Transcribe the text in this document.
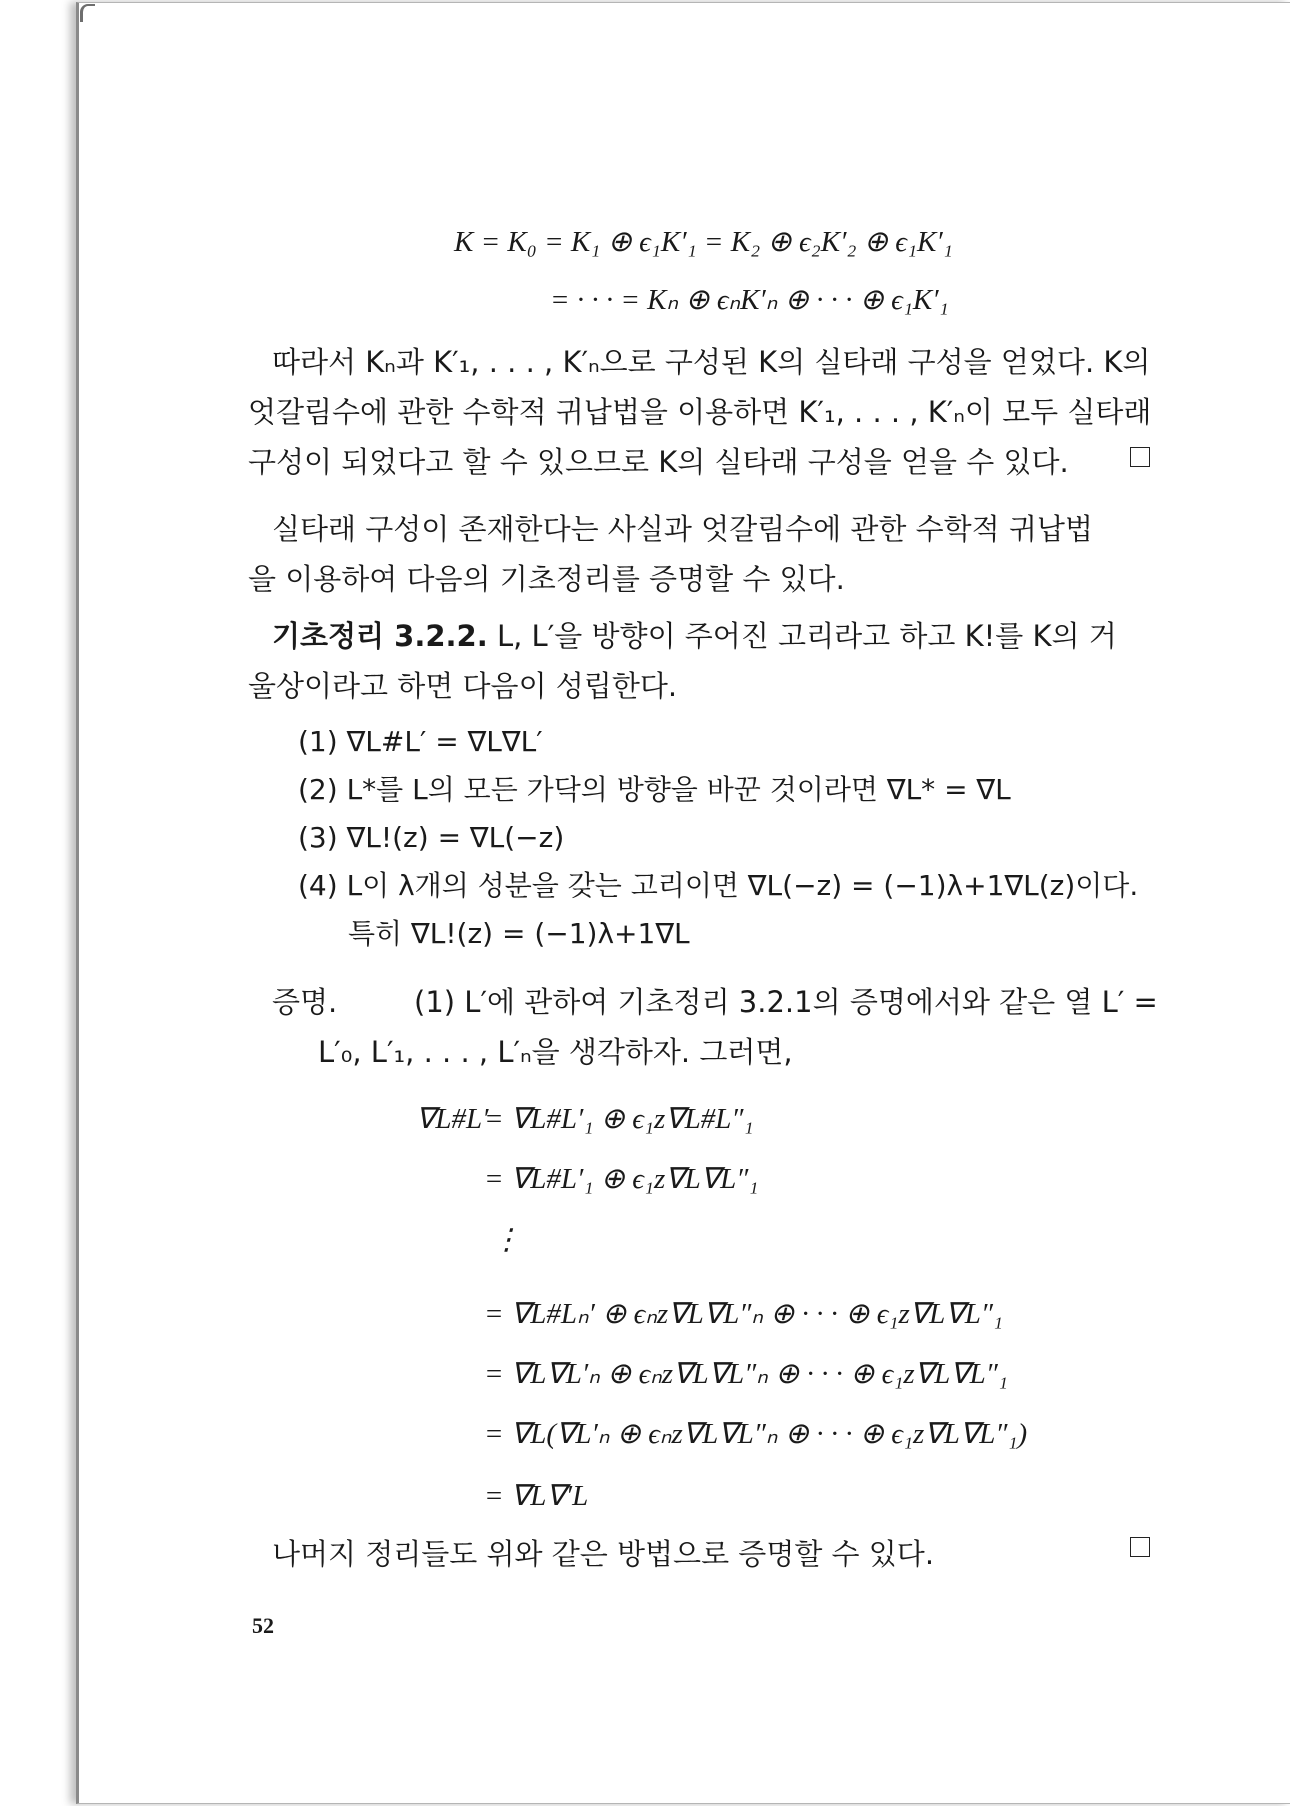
K = K₀ = K₁ ⊕ ϵ₁K′₁ = K₂ ⊕ ϵ₂K′₂ ⊕ ϵ₁K′₁
= · · · = Kₙ ⊕ ϵₙK′ₙ ⊕ · · · ⊕ ϵ₁K′₁
따라서 Kₙ과 K′₁, . . . , K′ₙ으로 구성된 K의 실타래 구성을 얻었다. K의
엇갈림수에 관한 수학적 귀납법을 이용하면 K′₁, . . . , K′ₙ이 모두 실타래
구성이 되었다고 할 수 있으므로 K의 실타래 구성을 얻을 수 있다.
실타래 구성이 존재한다는 사실과 엇갈림수에 관한 수학적 귀납법
을 이용하여 다음의 기초정리를 증명할 수 있다.
기초정리 3.2.2. L, L′을 방향이 주어진 고리라고 하고 K!를 K의 거
울상이라고 하면 다음이 성립한다.
(1) ∇L#L′ = ∇L∇L′
(2) L*를 L의 모든 가닥의 방향을 바꾼 것이라면 ∇L* = ∇L
(3) ∇L!(z) = ∇L(−z)
(4) L이 λ개의 성분을 갖는 고리이면 ∇L(−z) = (−1)λ+1∇L(z)이다.
특히 ∇L!(z) = (−1)λ+1∇L
증명.	(1) L′에 관하여 기초정리 3.2.1의 증명에서와 같은 열 L′ =
L′₀, L′₁, . . . , L′ₙ을 생각하자. 그러면,
∇L#L′
= ∇L#L′₁ ⊕ ϵ₁z∇L#L″₁
= ∇L#L′₁ ⊕ ϵ₁z∇L∇L″₁
⋮
= ∇L#Lₙ′ ⊕ ϵₙz∇L∇L″ₙ ⊕ · · · ⊕ ϵ₁z∇L∇L″₁
= ∇L∇L′ₙ ⊕ ϵₙz∇L∇L″ₙ ⊕ · · · ⊕ ϵ₁z∇L∇L″₁
= ∇L(∇L′ₙ ⊕ ϵₙz∇L∇L″ₙ ⊕ · · · ⊕ ϵ₁z∇L∇L″₁)
= ∇L∇′L
나머지 정리들도 위와 같은 방법으로 증명할 수 있다.
52
